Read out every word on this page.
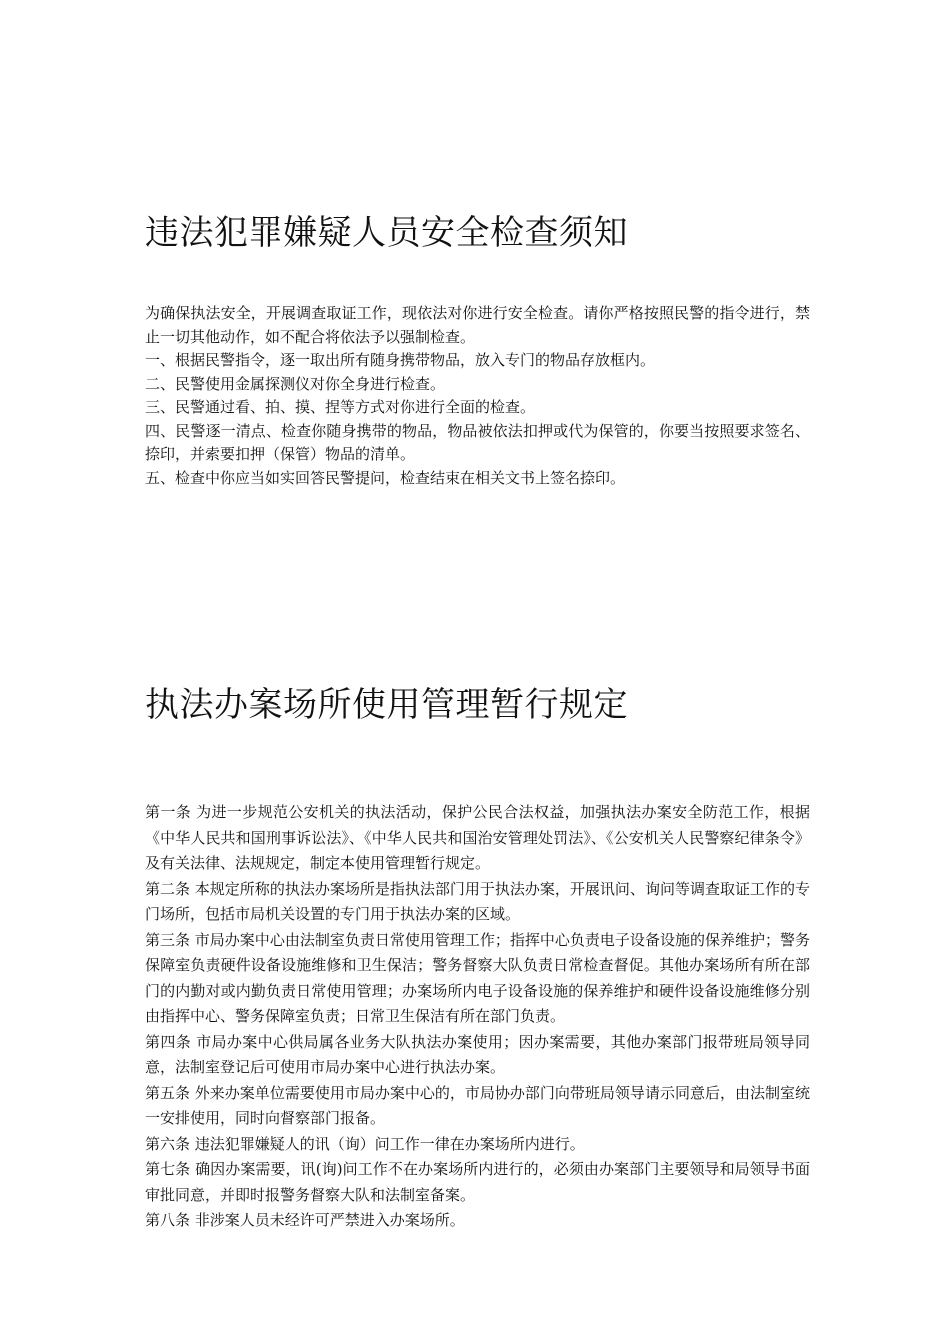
违法犯罪嫌疑人员安全检查须知

为确保执法安全，开展调查取证工作，现依法对你进行安全检查。请你严格按照民警的指令进行，禁止一切其他动作，如不配合将依法予以强制检查。

一、根据民警指令，逐一取出所有随身携带物品，放入专门的物品存放框内。

二、民警使用金属探测仪对你全身进行检查。

三、民警通过看、拍、摸、捏等方式对你进行全面的检查。

四、民警逐一清点、检查你随身携带的物品，物品被依法扣押或代为保管的，你要当按照要求签名、捺印，并索要扣押（保管）物品的清单。

五、检查中你应当如实回答民警提问，检查结束在相关文书上签名捺印。

执法办案场所使用管理暂行规定

第一条 为进一步规范公安机关的执法活动，保护公民合法权益，加强执法办案安全防范工作，根据《中华人民共和国刑事诉讼法》、《中华人民共和国治安管理处罚法》、《公安机关人民警察纪律条令》及有关法律、法规规定，制定本使用管理暂行规定。

第二条 本规定所称的执法办案场所是指执法部门用于执法办案，开展讯问、询问等调查取证工作的专门场所，包括市局机关设置的专门用于执法办案的区域。

第三条 市局办案中心由法制室负责日常使用管理工作；指挥中心负责电子设备设施的保养维护；警务保障室负责硬件设备设施维修和卫生保洁；警务督察大队负责日常检查督促。其他办案场所有所在部门的内勤对或内勤负责日常使用管理；办案场所内电子设备设施的保养维护和硬件设备设施维修分别由指挥中心、警务保障室负责；日常卫生保洁有所在部门负责。

第四条 市局办案中心供局属各业务大队执法办案使用；因办案需要，其他办案部门报带班局领导同意，法制室登记后可使用市局办案中心进行执法办案。

第五条 外来办案单位需要使用市局办案中心的，市局协办部门向带班局领导请示同意后，由法制室统一安排使用，同时向督察部门报备。

第六条 违法犯罪嫌疑人的讯（询）问工作一律在办案场所内进行。

第七条 确因办案需要，讯(询)问工作不在办案场所内进行的，必须由办案部门主要领导和局领导书面审批同意，并即时报警务督察大队和法制室备案。

第八条 非涉案人员未经许可严禁进入办案场所。
